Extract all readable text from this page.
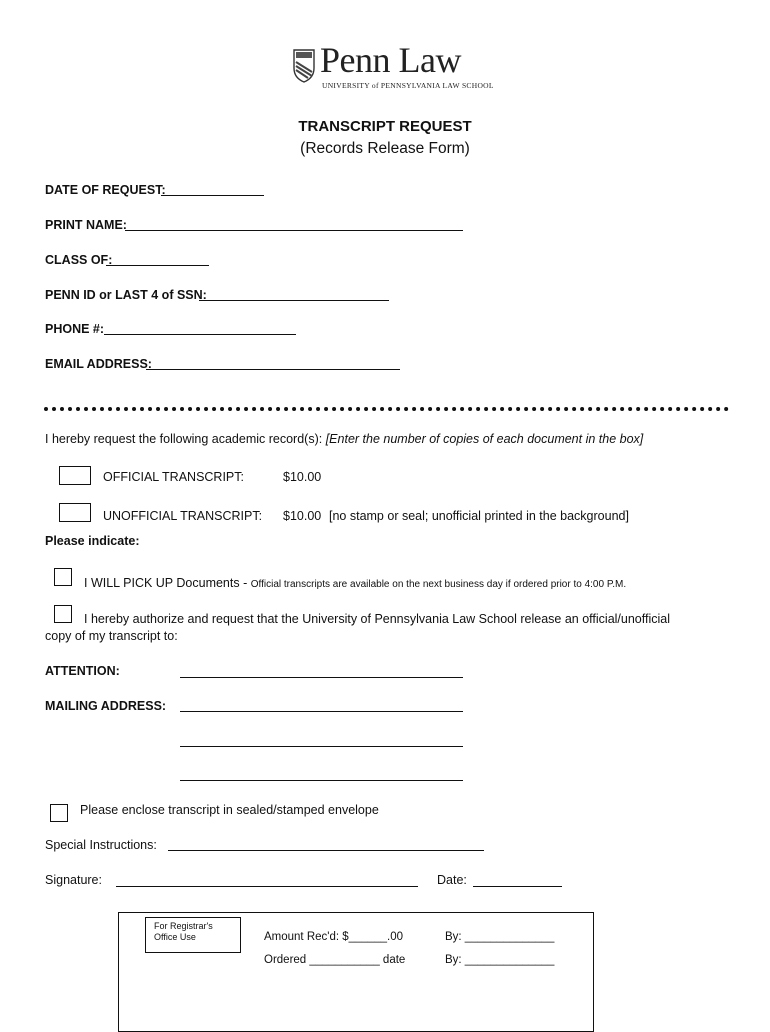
Penn Law
UNIVERSITY of PENNSYLVANIA LAW SCHOOL
TRANSCRIPT REQUEST
(Records Release Form)
DATE OF REQUEST:
PRINT NAME:
CLASS OF:
PENN ID or LAST 4 of SSN:
PHONE #:
EMAIL ADDRESS:
I hereby request the following academic record(s): [Enter the number of copies of each document in the box]
OFFICIAL TRANSCRIPT:	$10.00
UNOFFICIAL TRANSCRIPT: $10.00 [no stamp or seal; unofficial printed in the background]
Please indicate:
I WILL PICK UP Documents - Official transcripts are available on the next business day if ordered prior to 4:00 P.M.
I hereby authorize and request that the University of Pennsylvania Law School release an official/unofficial
copy of my transcript to:
ATTENTION:
MAILING ADDRESS:
Please enclose transcript in sealed/stamped envelope
Special Instructions:
Signature:	Date:
For Registrar's Office Use	Amount Rec'd: $______.00	By: ______________
Ordered ___________ date	By: ______________
